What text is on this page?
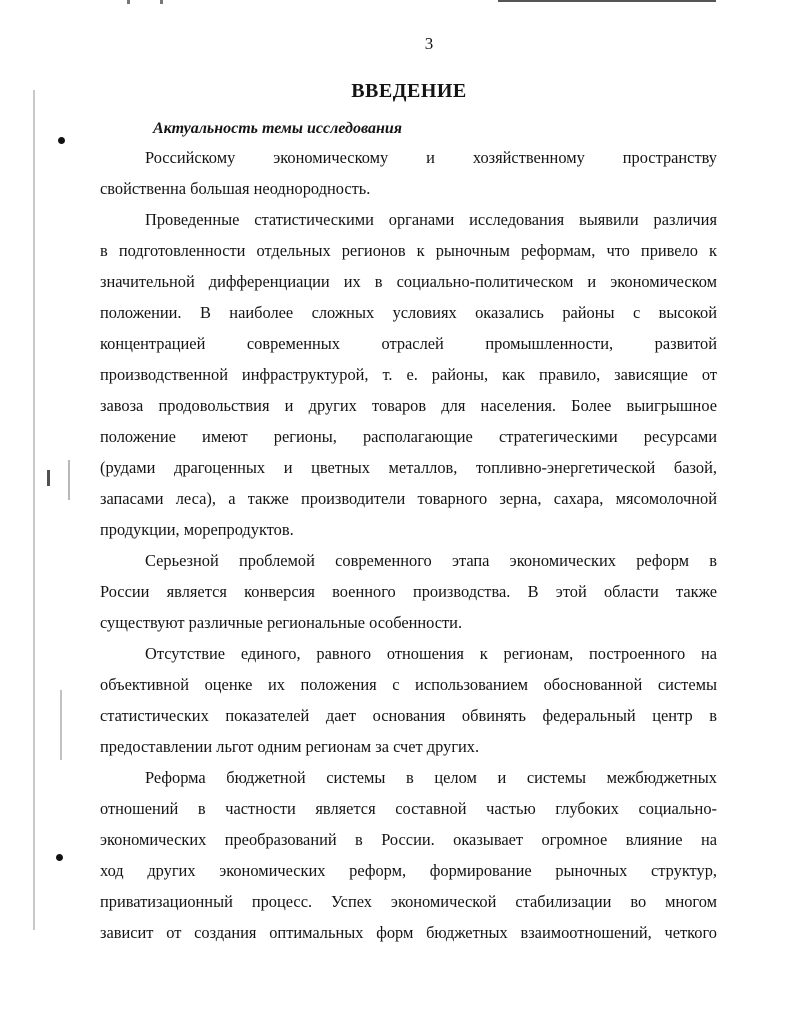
3
ВВЕДЕНИЕ
Актуальность темы исследования
Российскому экономическому и хозяйственному пространству
свойственна большая неоднородность.
Проведенные статистическими органами исследования выявили различия
в подготовленности отдельных регионов к рыночным реформам, что привело к
значительной дифференциации их в социально-политическом и экономическом
положении. В наиболее сложных условиях оказались районы с высокой
концентрацией современных отраслей промышленности, развитой
производственной инфраструктурой, т. е. районы, как правило, зависящие от
завоза продовольствия и других товаров для населения. Более выигрышное
положение имеют регионы, располагающие стратегическими ресурсами
(рудами драгоценных и цветных металлов, топливно-энергетической базой,
запасами леса), а также производители товарного зерна, сахара, мясомолочной
продукции, морепродуктов.
Серьезной проблемой современного этапа экономических реформ в
России является конверсия военного производства. В этой области также
существуют различные региональные особенности.
Отсутствие единого, равного отношения к регионам, построенного на
объективной оценке их положения с использованием обоснованной системы
статистических показателей дает основания обвинять федеральный центр в
предоставлении льгот одним регионам за счет других.
Реформа бюджетной системы в целом и системы межбюджетных
отношений в частности является составной частью глубоких социально-
экономических преобразований в России. оказывает огромное влияние на
ход других экономических реформ, формирование рыночных структур,
приватизационный процесс. Успех экономической стабилизации во многом
зависит от создания оптимальных форм бюджетных взаимоотношений, четкого
